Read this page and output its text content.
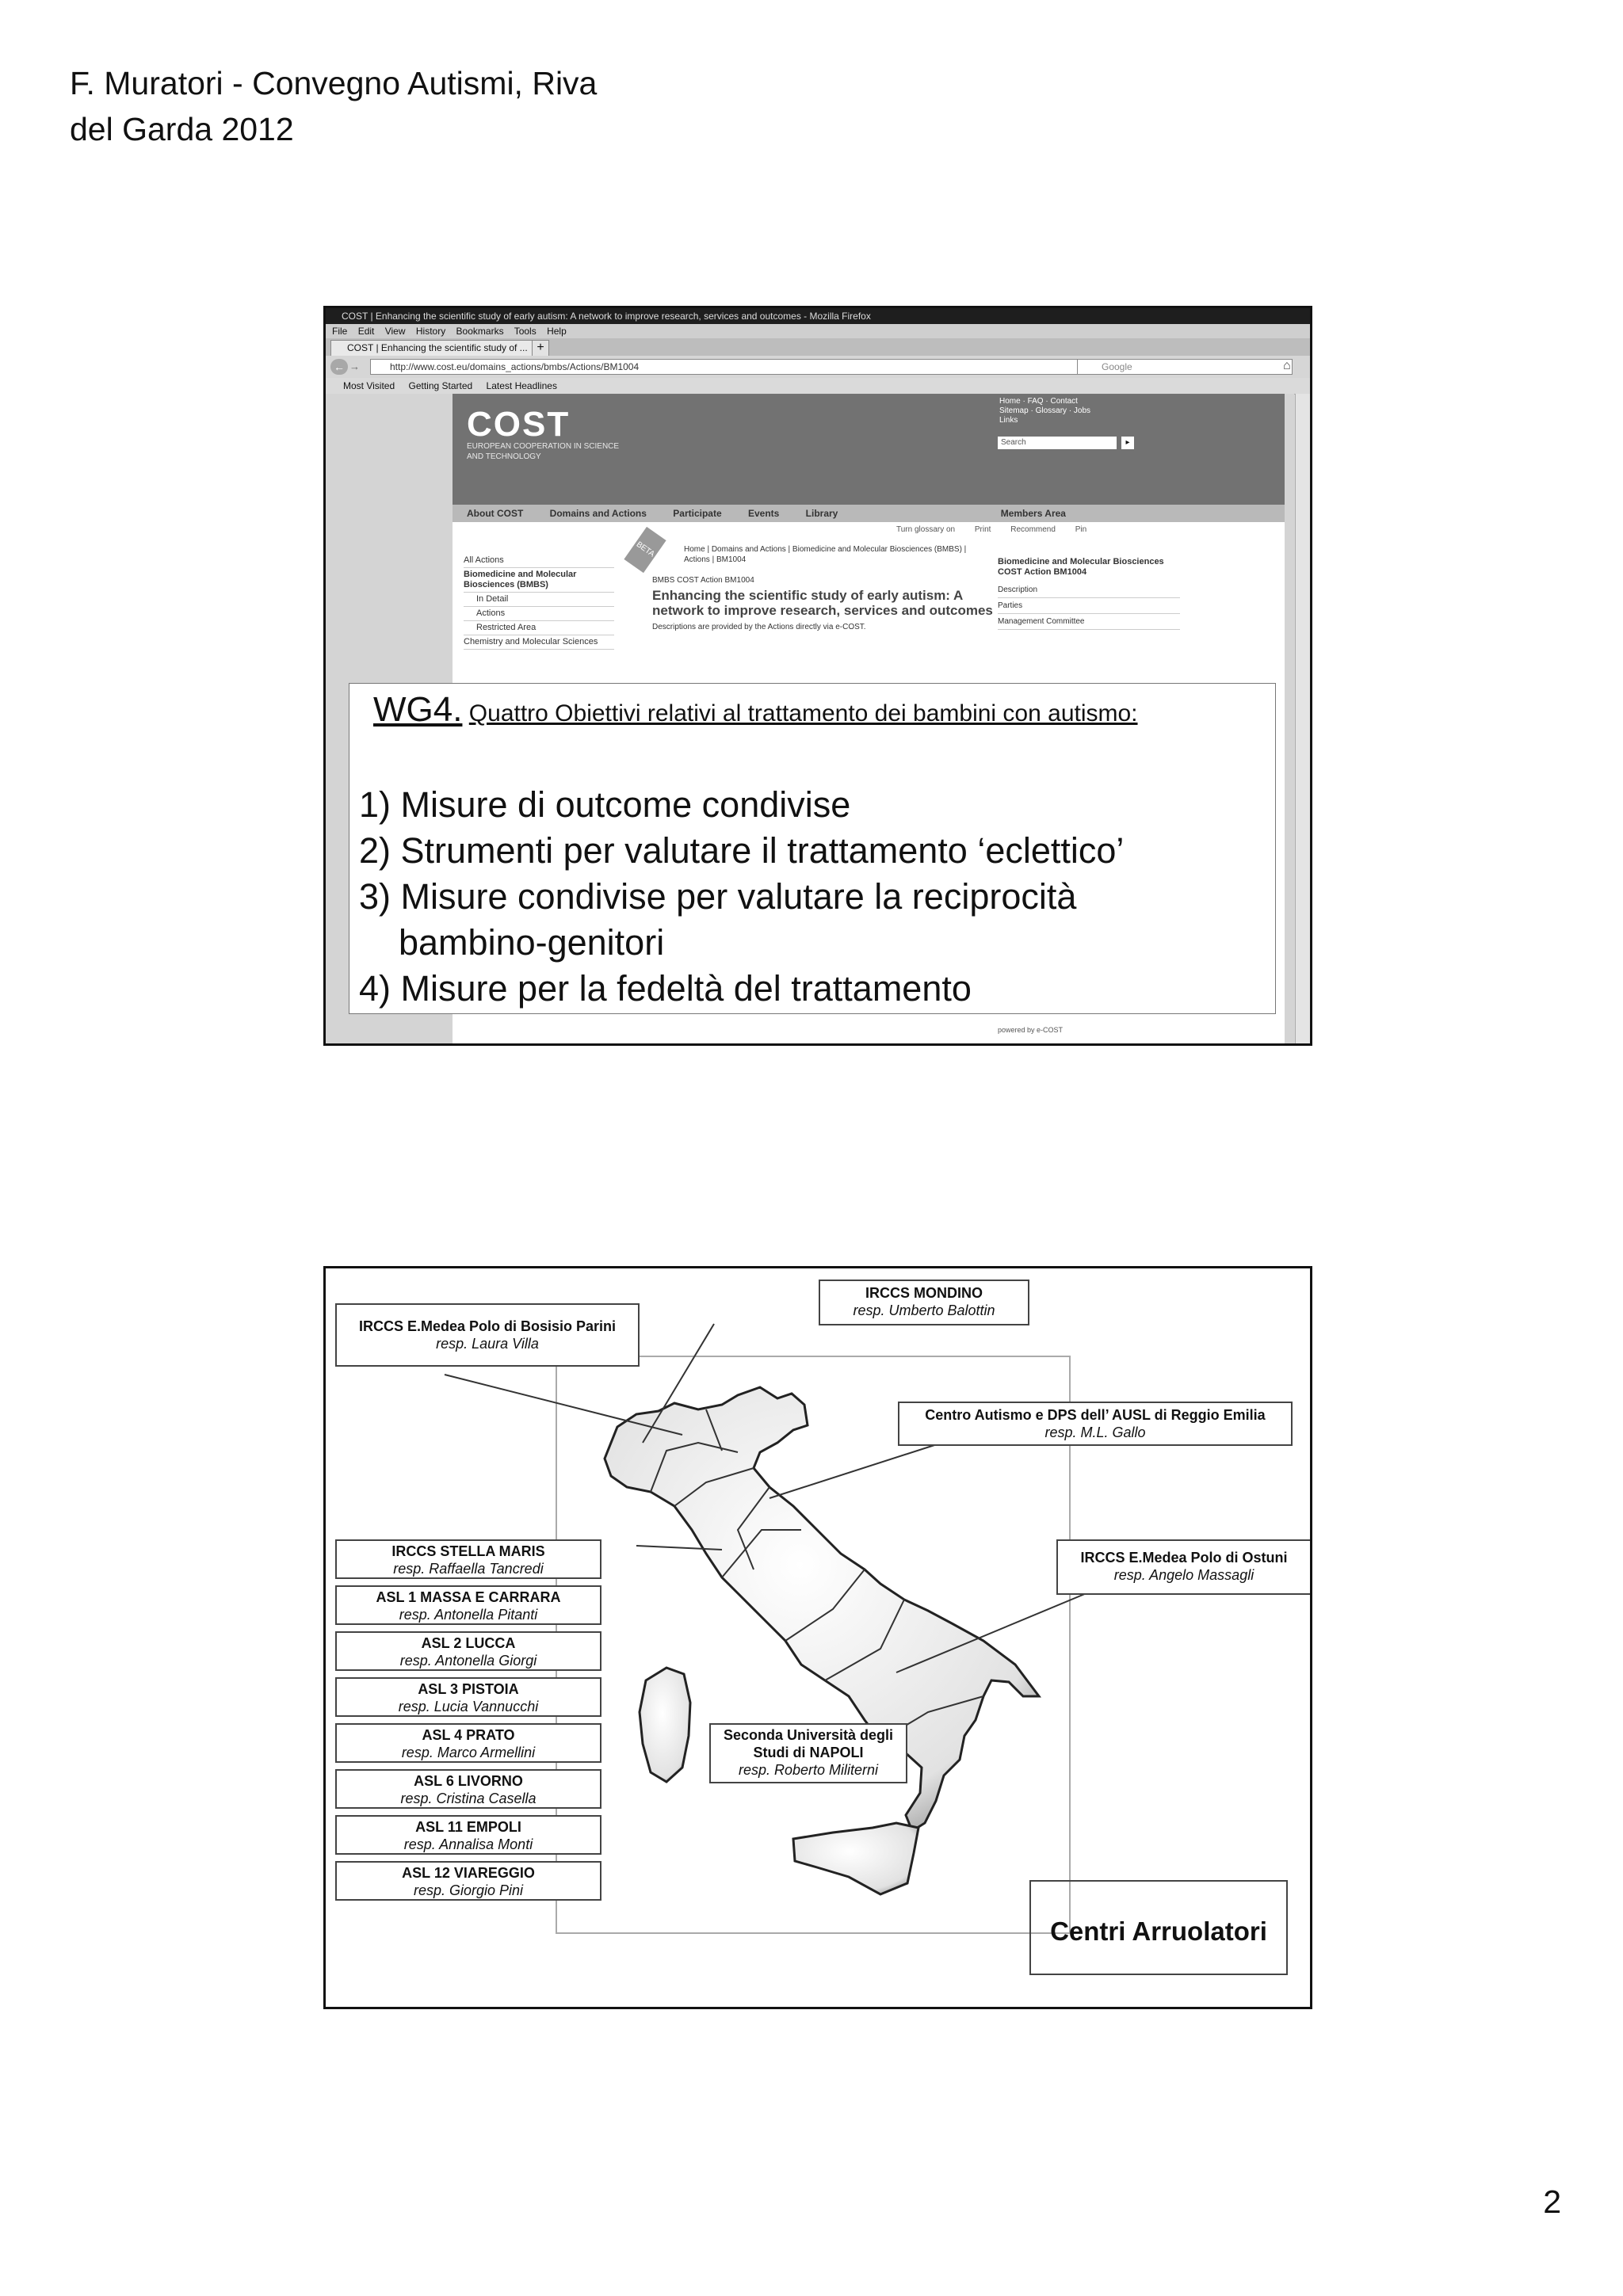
F. Muratori - Convegno Autismi, Riva
del Garda 2012
COST | Enhancing the scientific study of early autism: A network to improve research, services and outcomes - Mozilla Firefox
File Edit View History Bookmarks Tools Help
COST | Enhancing the scientific study of ... +
← →	http://www.cost.eu/domains_actions/bmbs/Actions/BM1004	Google	⌂
Most Visited Getting Started Latest Headlines
COST
EUROPEAN COOPERATION IN SCIENCE AND TECHNOLOGY
Home · FAQ · Contact
Sitemap · Glossary · Jobs
Links
Search	▸
About COST	Domains and Actions	Participate	Events	Library	Members Area
Turn glossary on Print Recommend Pin
BETA
All Actions
Biomedicine and Molecular Biosciences (BMBS)
In Detail
Actions
Restricted Area
Chemistry and Molecular Sciences
Home | Domains and Actions | Biomedicine and Molecular Biosciences (BMBS) | Actions | BM1004
BMBS COST Action BM1004
Enhancing the scientific study of early autism: A network to improve research, services and outcomes
Descriptions are provided by the Actions directly via e-COST.
Biomedicine and Molecular Biosciences COST Action BM1004
Description
Parties
Management Committee
powered by e-COST
WG4. Quattro Obiettivi relativi al trattamento dei bambini con autismo:
1) Misure di outcome condivise
2) Strumenti per valutare il trattamento ‘eclettico’
3) Misure condivise per valutare la reciprocità
bambino-genitori
4) Misure per la fedeltà del trattamento
IRCCS E.Medea Polo di Bosisio Parini
resp. Laura Villa
IRCCS MONDINO
resp. Umberto Balottin
Centro Autismo e DPS dell’ AUSL di Reggio Emilia
resp. M.L. Gallo
IRCCS STELLA MARIS
resp. Raffaella Tancredi
IRCCS E.Medea Polo di Ostuni
resp. Angelo Massagli
ASL 1 MASSA E CARRARA
resp. Antonella Pitanti
ASL 2 LUCCA
resp. Antonella Giorgi
ASL 3 PISTOIA
resp. Lucia Vannucchi
ASL 4 PRATO
resp. Marco Armellini
Seconda Università degli Studi di NAPOLI
resp. Roberto Militerni
ASL 6 LIVORNO
resp. Cristina Casella
ASL 11 EMPOLI
resp. Annalisa Monti
ASL 12 VIAREGGIO
resp. Giorgio Pini
Centri Arruolatori
2
